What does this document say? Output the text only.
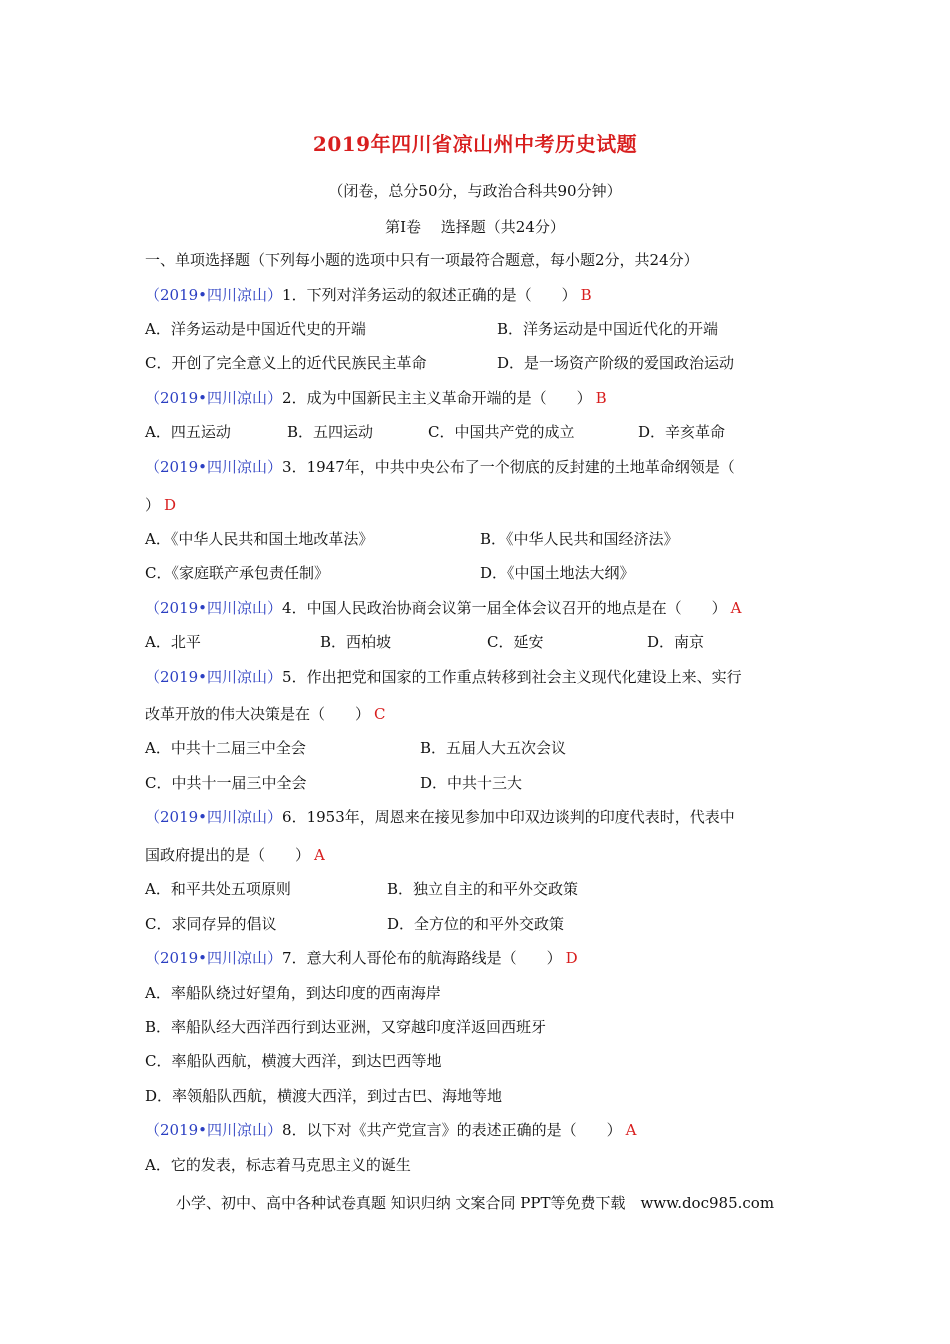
2019年四川省凉山州中考历史试题
（闭卷，总分50分，与政治合科共90分钟）
第Ⅰ卷　 选择题（共24分）
一、单项选择题（下列每小题的选项中只有一项最符合题意，每小题2分，共24分）
（2019•四川凉山）1．下列对洋务运动的叙述正确的是（　　） B
A．洋务运动是中国近代史的开端	B．洋务运动是中国近代化的开端
C．开创了完全意义上的近代民族民主革命	D．是一场资产阶级的爱国政治运动
（2019•四川凉山）2．成为中国新民主主义革命开端的是（　　） B
A．四五运动	B．五四运动	C．中国共产党的成立	D．辛亥革命
（2019•四川凉山）3．1947年，中共中央公布了一个彻底的反封建的土地革命纲领是（
） D
A．《中华人民共和国土地改革法》	B．《中华人民共和国经济法》
C．《家庭联产承包责任制》	D．《中国土地法大纲》
（2019•四川凉山）4．中国人民政治协商会议第一届全体会议召开的地点是在（　　） A
A．北平	B．西柏坡	C．延安	D．南京
（2019•四川凉山）5．作出把党和国家的工作重点转移到社会主义现代化建设上来、实行
改革开放的伟大决策是在（　　） C
A．中共十二届三中全会	B．五届人大五次会议
C．中共十一届三中全会	D．中共十三大
（2019•四川凉山）6．1953年，周恩来在接见参加中印双边谈判的印度代表时，代表中
国政府提出的是（　　） A
A．和平共处五项原则	B．独立自主的和平外交政策
C．求同存异的倡议	D．全方位的和平外交政策
（2019•四川凉山）7．意大利人哥伦布的航海路线是（　　） D
A．率船队绕过好望角，到达印度的西南海岸
B．率船队经大西洋西行到达亚洲，又穿越印度洋返回西班牙
C．率船队西航，横渡大西洋，到达巴西等地
D．率领船队西航，横渡大西洋，到过古巴、海地等地
（2019•四川凉山）8．以下对《共产党宣言》的表述正确的是（　　） A
A．它的发表，标志着马克思主义的诞生
小学、初中、高中各种试卷真题 知识归纳 文案合同 PPT等免费下载　www.doc985.com
